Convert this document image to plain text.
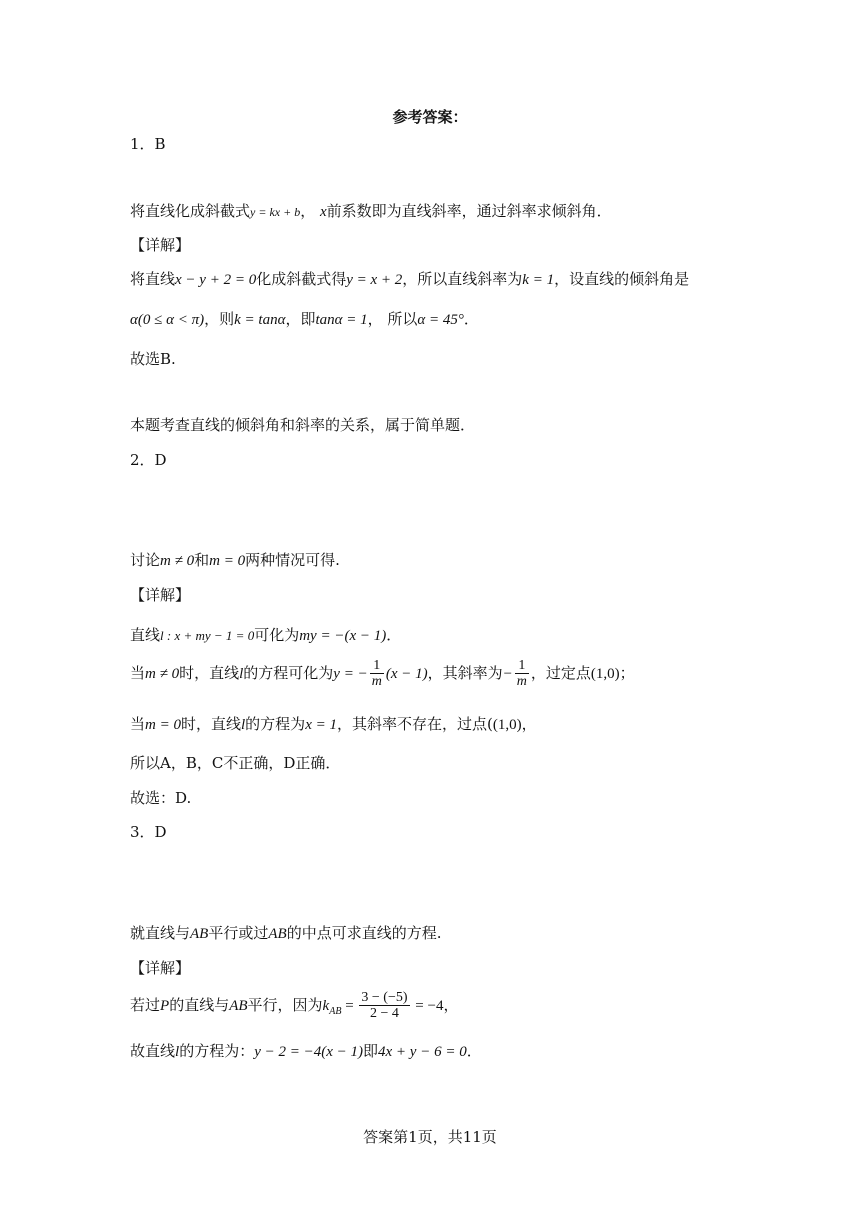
参考答案：
1．B
将直线化成斜截式y = kx + b， x前系数即为直线斜率，通过斜率求倾斜角．
【详解】
将直线x − y + 2 = 0化成斜截式得y = x + 2，所以直线斜率为k = 1，设直线的倾斜角是
α(0 ≤ α < π)，则k = tanα，即tanα = 1， 所以α = 45°．
故选B.
本题考查直线的倾斜角和斜率的关系，属于简单题．
2．D
讨论m ≠ 0和m = 0两种情况可得.
【详解】
直线l : x + my − 1 = 0可化为my = −(x − 1)．
当m ≠ 0时，直线l的方程可化为y = − $\frac{1}{m} (x - 1)$，其斜率为− $\frac{1}{m}$ ，过定点(1,0)；
当m = 0时，直线l的方程为x = 1，其斜率不存在，过点((1,0)，
所以A，B，C不正确，D正确．
故选：D.
3．D
就直线与AB平行或过AB的中点可求直线的方程.
【详解】
若过P的直线与AB平行，因为$k_{AB} = \frac{3 - (-5)}{2 - 4} = -4$，
故直线l的方程为：y − 2 = −4(x − 1)即4x + y − 6 = 0．
答案第1页，共11页
